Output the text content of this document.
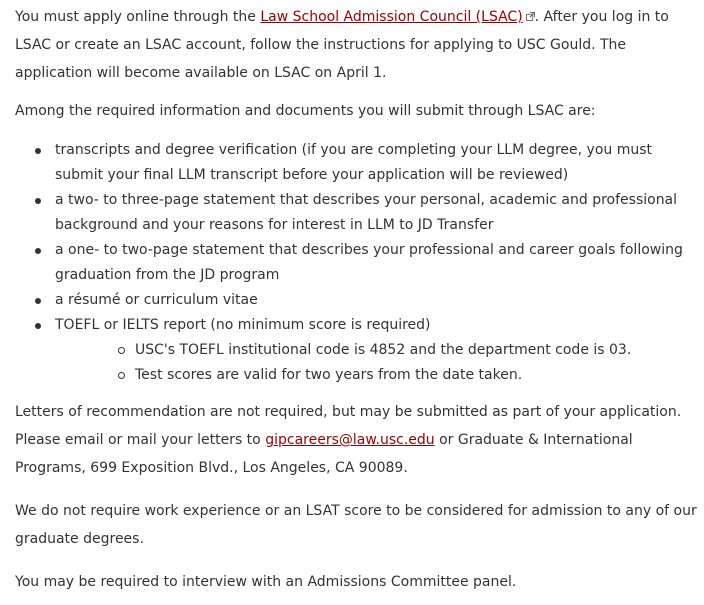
You must apply online through the Law School Admission Council (LSAC) . After you log in to LSAC or create an LSAC account, follow the instructions for applying to USC Gould. The application will become available on LSAC on April 1.

Among the required information and documents you will submit through LSAC are:

transcripts and degree verification (if you are completing your LLM degree, you must submit your final LLM transcript before your application will be reviewed)
a two- to three-page statement that describes your personal, academic and professional background and your reasons for interest in LLM to JD Transfer
a one- to two-page statement that describes your professional and career goals following graduation from the JD program
a résumé or curriculum vitae
TOEFL or IELTS report (no minimum score is required)
USC's TOEFL institutional code is 4852 and the department code is 03.
Test scores are valid for two years from the date taken.

Letters of recommendation are not required, but may be submitted as part of your application. Please email or mail your letters to gipcareers@law.usc.edu or Graduate & International Programs, 699 Exposition Blvd., Los Angeles, CA 90089.

We do not require work experience or an LSAT score to be considered for admission to any of our graduate degrees.

You may be required to interview with an Admissions Committee panel.
